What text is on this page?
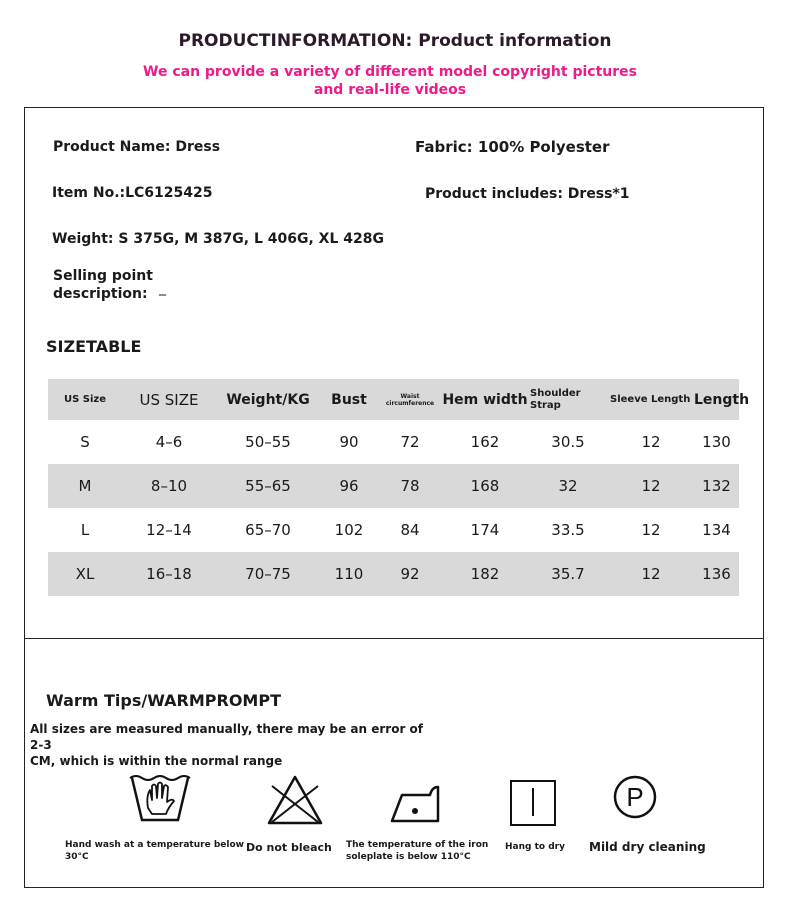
PRODUCTINFORMATION: Product information
We can provide a variety of different model copyright pictures and real-life videos
Product Name: Dress	Fabric: 100% Polyester
Item No.:LC6125425	Product includes: Dress*1
Weight: S 375G, M 387G, L 406G, XL 428G
Selling point
description: _
SIZETABLE
US Size	US SIZE	Weight/KG	Bust	Waist circumference	Hem width	Shoulder Strap	Sleeve Length	Length
S	4–6	50–55	90	72	162	30.5	12	130
M	8–10	55–65	96	78	168	32	12	132
L	12–14	65–70	102	84	174	33.5	12	134
XL	16–18	70–75	110	92	182	35.7	12	136
Warm Tips/WARMPROMPT
All sizes are measured manually, there may be an error of 2-3
CM, which is within the normal range
Hand wash at a temperature below
30°C
Do not bleach The temperature of the iron
soleplate is below 110°C
Hang to dry
P
Mild dry cleaning
